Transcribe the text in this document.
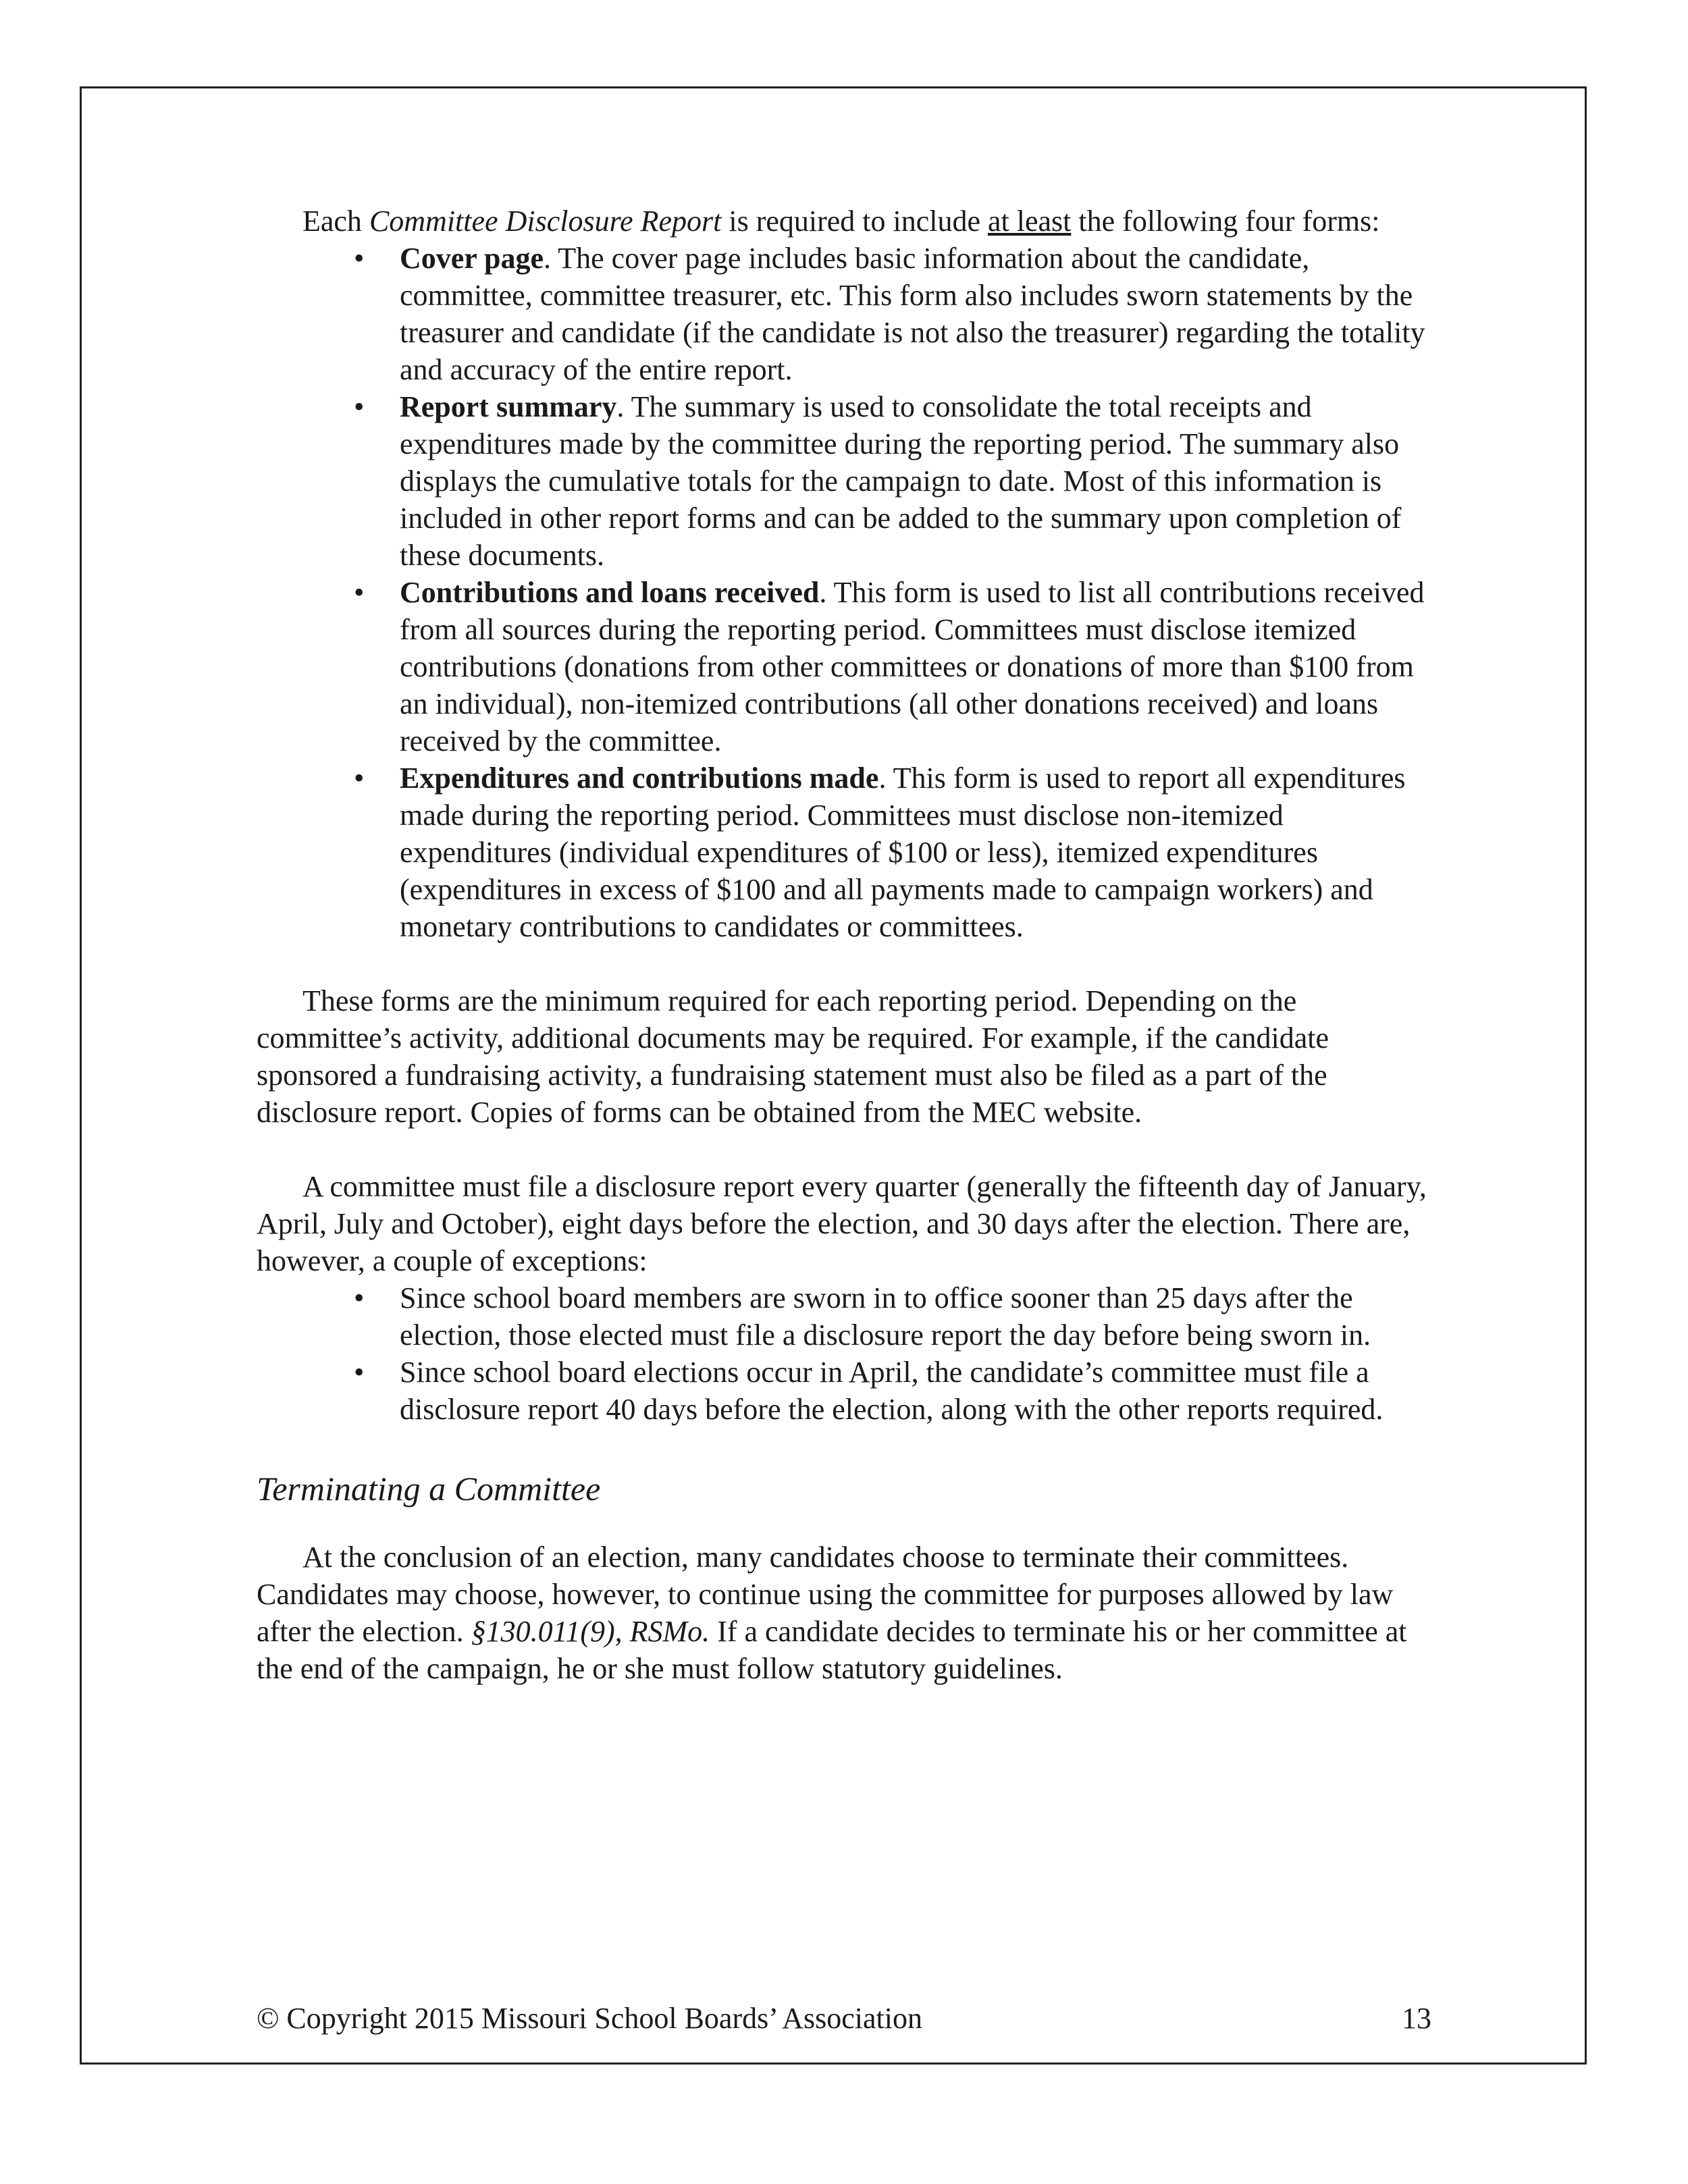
Each Committee Disclosure Report is required to include at least the following four forms:

• Cover page. The cover page includes basic information about the candidate, committee, committee treasurer, etc. This form also includes sworn statements by the treasurer and candidate (if the candidate is not also the treasurer) regarding the totality and accuracy of the entire report.
• Report summary. The summary is used to consolidate the total receipts and expenditures made by the committee during the reporting period. The summary also displays the cumulative totals for the campaign to date. Most of this information is included in other report forms and can be added to the summary upon completion of these documents.
• Contributions and loans received. This form is used to list all contributions received from all sources during the reporting period. Committees must disclose itemized contributions (donations from other committees or donations of more than $100 from an individual), non-itemized contributions (all other donations received) and loans received by the committee.
• Expenditures and contributions made. This form is used to report all expenditures made during the reporting period. Committees must disclose non-itemized expenditures (individual expenditures of $100 or less), itemized expenditures (expenditures in excess of $100 and all payments made to campaign workers) and monetary contributions to candidates or committees.

These forms are the minimum required for each reporting period. Depending on the committee’s activity, additional documents may be required. For example, if the candidate sponsored a fundraising activity, a fundraising statement must also be filed as a part of the disclosure report. Copies of forms can be obtained from the MEC website.

A committee must file a disclosure report every quarter (generally the fifteenth day of January, April, July and October), eight days before the election, and 30 days after the election. There are, however, a couple of exceptions:

• Since school board members are sworn in to office sooner than 25 days after the election, those elected must file a disclosure report the day before being sworn in.
• Since school board elections occur in April, the candidate’s committee must file a disclosure report 40 days before the election, along with the other reports required.

Terminating a Committee

At the conclusion of an election, many candidates choose to terminate their committees. Candidates may choose, however, to continue using the committee for purposes allowed by law after the election. §130.011(9), RSMo. If a candidate decides to terminate his or her committee at the end of the campaign, he or she must follow statutory guidelines.

© Copyright 2015 Missouri School Boards’ Association	13
